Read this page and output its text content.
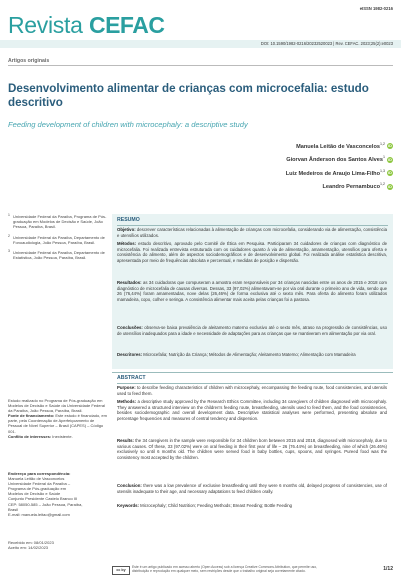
Revista CEFAC
eISSN 1982-0216
DOI: 10.1590/1982-0216/20232520023 | Rev. CEFAC. 2023;25(2):e0023
Artigos originais
Desenvolvimento alimentar de crianças com microcefalia: estudo descritivo
Feeding development of children with microcephaly: a descriptive study
Manuela Leitão de Vasconcelos$^{1,2}$iD
Giorvan Ânderson dos Santos Alves$^1$iD
Luiz Medeiros de Araujo Lima-Filho$^{1,3}$iD
Leandro Pernambuco$^{1,2}$iD
1 Universidade Federal da Paraíba, Programa de Pós-graduação em Modelos de Decisão e Saúde, João Pessoa, Paraíba, Brasil.
2 Universidade Federal da Paraíba, Departamento de Fonoaudiologia, João Pessoa, Paraíba, Brasil.
3 Universidade Federal da Paraíba, Departamento de Estatística, João Pessoa, Paraíba, Brasil.
Estudo realizado no Programa de Pós-graduação em Modelos de Decisão e Saúde da Universidade Federal da Paraíba, João Pessoa, Paraíba, Brasil.
Fonte de financiamento: Este estudo é financiado, em parte, pela Coordenação de Aperfeiçoamento de Pessoal de Nível Superior – Brasil (CAPES) – Código 001.
Conflito de interesses: Inexistente.
Endereço para correspondência:
Manuela Leitão de Vasconcelos
Universidade Federal da Paraíba –
Programa de Pós-graduação em
Modelos de Decisão e Saúde
Conjunto Presidente Castelo Branco III
CEP: 58050-585 – João Pessoa, Paraíba,
Brasil
E-mail: manuela.leitao@gmail.com
Recebido em: 08/01/2023
Aceito em: 14/02/2023
RESUMO
Objetivo: descrever características relacionadas à alimentação de crianças com microcefalia, considerando via de alimentação, consistência e utensílios utilizados.
Métodos: estudo descritivo, aprovado pelo Comitê de Ética em Pesquisa. Participaram 34 cuidadores de crianças com diagnóstico de microcefalia. Foi realizada entrevista estruturada com os cuidadores quanto à via de alimentação, amamentação, utensílios para oferta e consistência do alimento, além de aspectos sociodemográficos e de desenvolvimento global. Foi realizada análise estatística descritiva, apresentada por meio de frequências absoluta e percentual, e medidas de posição e dispersão.
Resultados: as 34 cuidadoras que compuseram a amostra eram responsáveis por 34 crianças nascidas entre os anos de 2015 e 2018 com diagnóstico de microcefalia de causas diversas. Dessas, 33 (97,02%) alimentavam-se por via oral durante o primeiro ano de vida, sendo que 26 (76,44%) foram amamentadas, nove delas (26,46%) de forma exclusiva até o sexto mês. Para oferta do alimento foram utilizados mamadeira, copo, colher e seringa. A consistência alimentar mais aceita pelas crianças foi a pastosa.
Conclusões: observa-se baixa prevalência de aleitamento materno exclusivo até o sexto mês, atraso na progressão de consistências, uso de utensílios inadequados para a idade e necessidade de adaptações para as crianças que se mantiveram em alimentação por via oral.
Descritores: Microcefalia; Nutrição da Criança; Métodos de Alimentação; Aleitamento Materno; Alimentação com Mamadeira
ABSTRACT
Purpose: to describe feeding characteristics of children with microcephaly, encompassing the feeding route, food consistencies, and utensils used to feed them.
Methods: a descriptive study approved by the Research Ethics Committee, including 34 caregivers of children diagnosed with microcephaly. They answered a structured interview on the children's feeding route, breastfeeding, utensils used to feed them, and the food consistencies, besides sociodemographic and overall development data. Descriptive statistical analyses were performed, presenting absolute and percentage frequencies and measures of central tendency and dispersion.
Results: the 34 caregivers in the sample were responsible for 34 children born between 2015 and 2018, diagnosed with microcephaly, due to various causes. Of these, 33 (97.02%) were on oral feeding in their first year of life – 26 (76.44%) on breastfeeding, nine of which (26.46%) exclusively so until 6 months old. The children were served food in baby bottles, cups, spoons, and syringes. Pureed food was the consistency most accepted by the children.
Conclusion: there was a low prevalence of exclusive breastfeeding until they were 6 months old, delayed progress of consistencies, use of utensils inadequate to their age, and necessary adaptations to feed children orally.
Keywords: Microcephaly; Child Nutrition; Feeding Methods; Breast Feeding; Bottle Feeding
cc by
Este é um artigo publicado em acesso aberto (Open Access) sob a licença Creative Commons Attribution, que permite uso, distribuição e reprodução em qualquer meio, sem restrições desde que o trabalho original seja corretamente citado.	1/12
